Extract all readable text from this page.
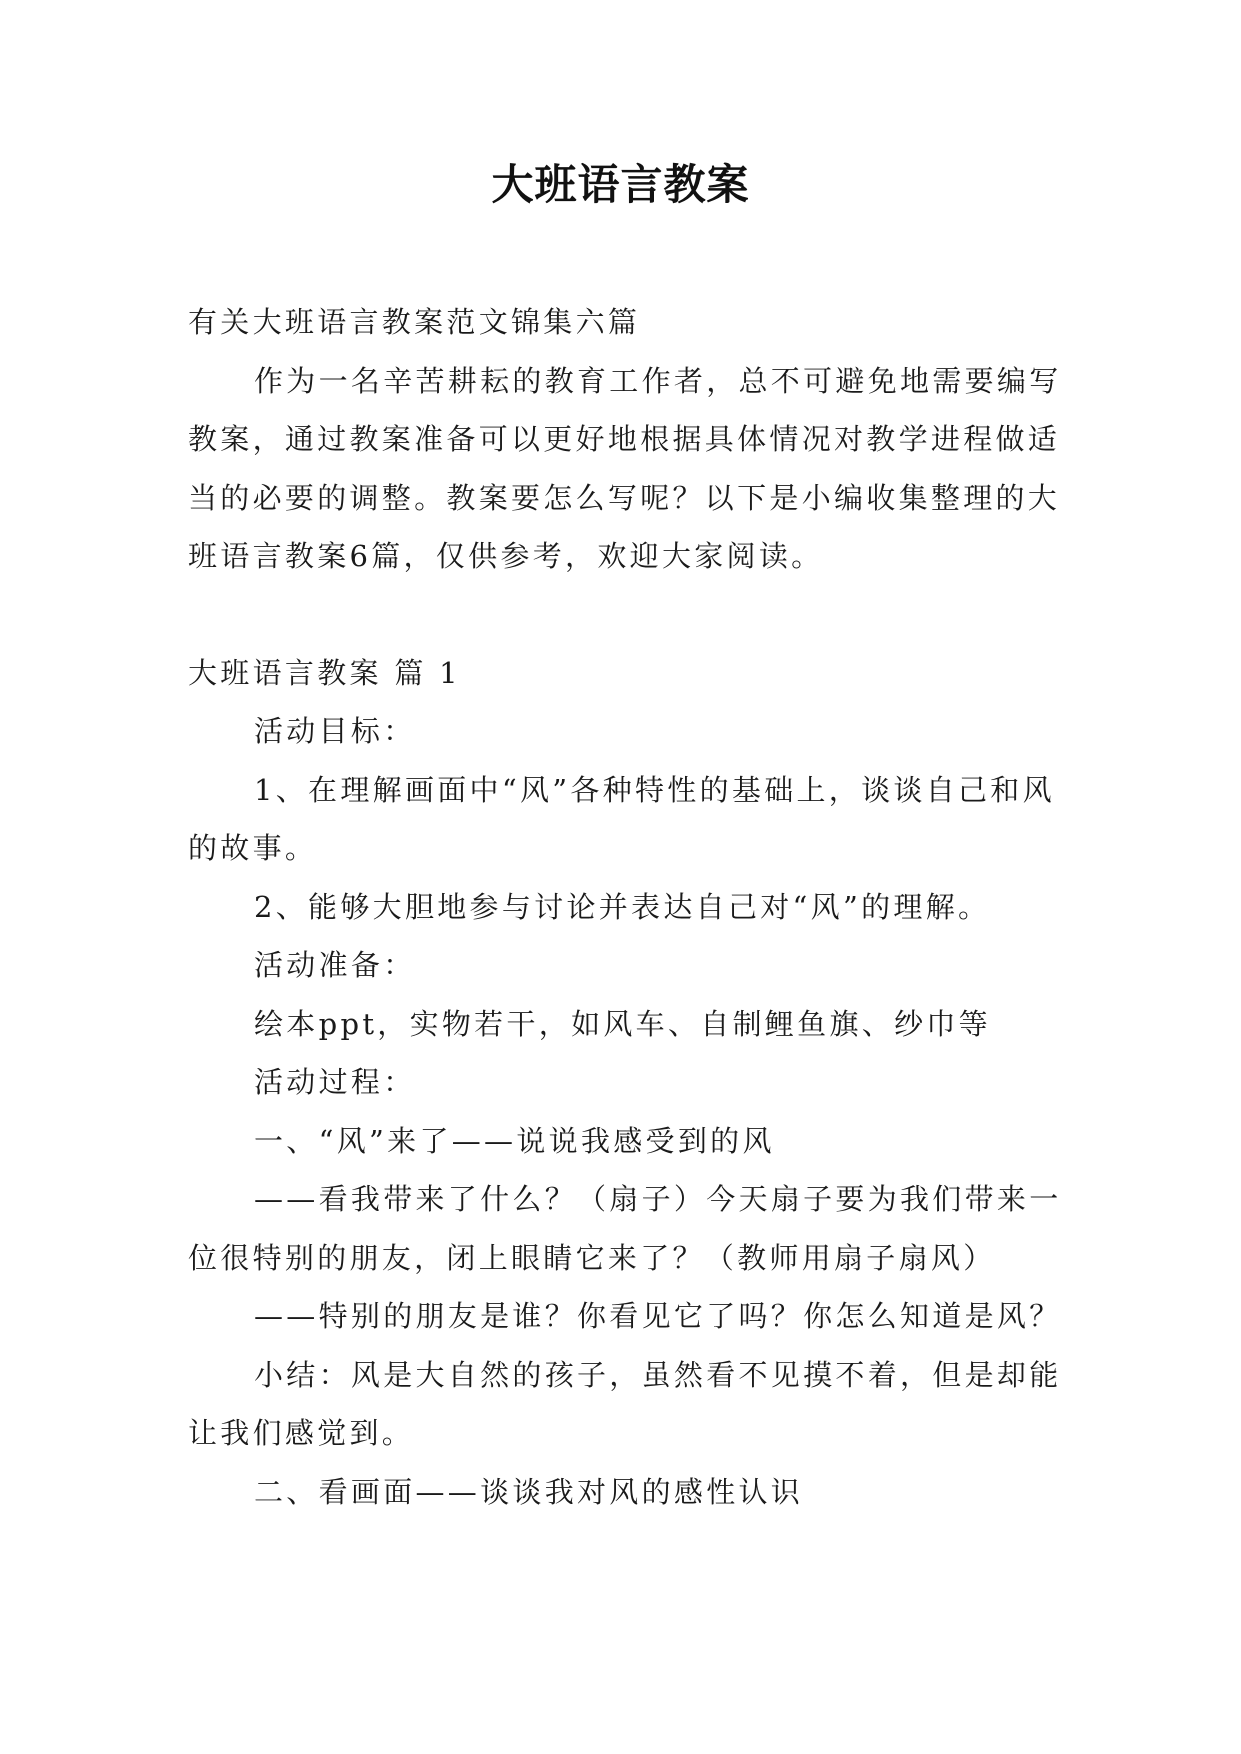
大班语言教案

有关大班语言教案范文锦集六篇

作为一名辛苦耕耘的教育工作者，总不可避免地需要编写教案，通过教案准备可以更好地根据具体情况对教学进程做适当的必要的调整。教案要怎么写呢？以下是小编收集整理的大班语言教案6篇，仅供参考，欢迎大家阅读。

大班语言教案 篇 1

活动目标：

1、在理解画面中“风”各种特性的基础上，谈谈自己和风的故事。

2、能够大胆地参与讨论并表达自己对“风”的理解。

活动准备：

绘本ppt，实物若干，如风车、自制鲤鱼旗、纱巾等

活动过程：

一、“风”来了——说说我感受到的风

——看我带来了什么？（扇子）今天扇子要为我们带来一位很特别的朋友，闭上眼睛它来了？（教师用扇子扇风）

——特别的朋友是谁？你看见它了吗？你怎么知道是风？

小结：风是大自然的孩子，虽然看不见摸不着，但是却能让我们感觉到。

二、看画面——谈谈我对风的感性认识
